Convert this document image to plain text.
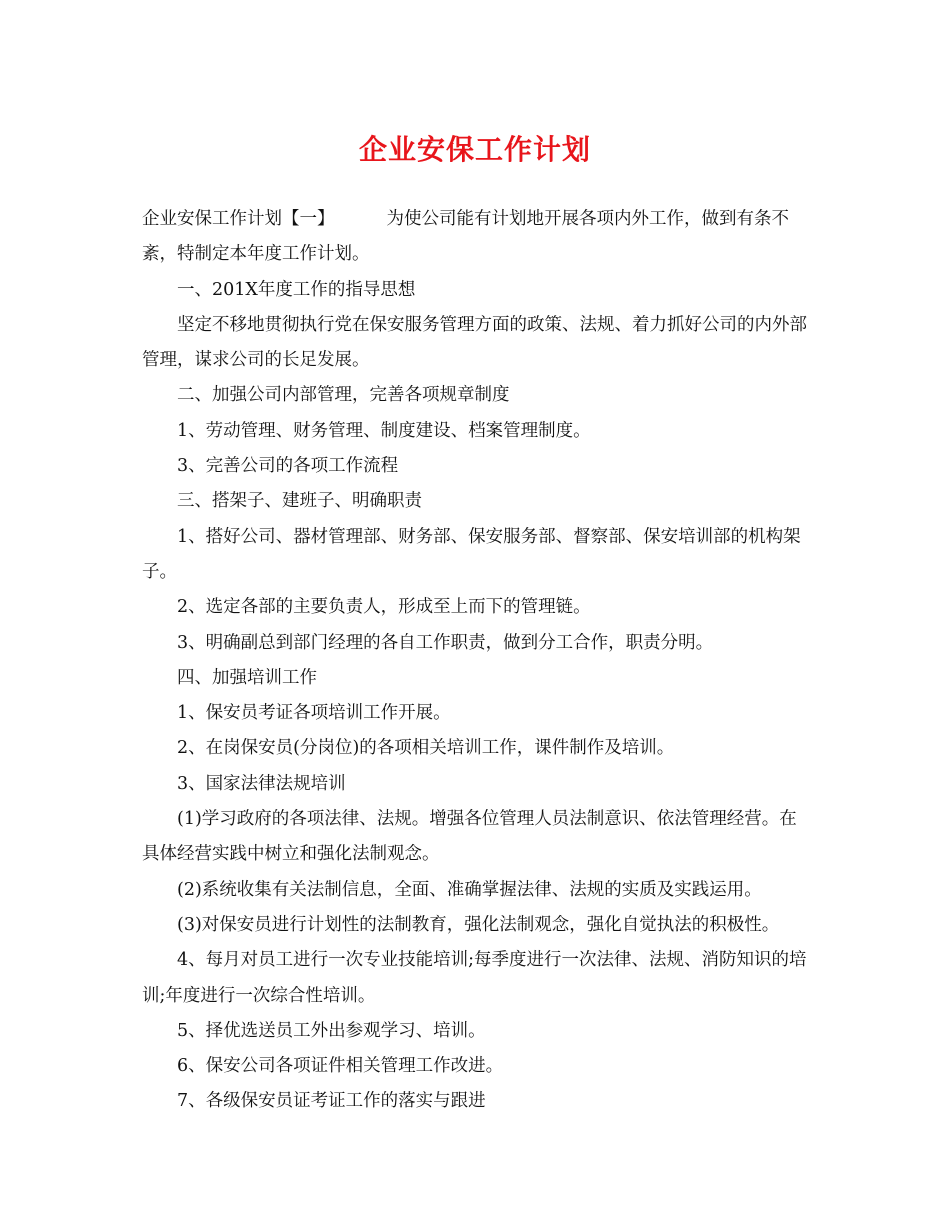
企业安保工作计划

企业安保工作计划【一】	为使公司能有计划地开展各项内外工作，做到有条不紊，特制定本年度工作计划。

一、201X年度工作的指导思想

坚定不移地贯彻执行党在保安服务管理方面的政策、法规、着力抓好公司的内外部管理，谋求公司的长足发展。

二、加强公司内部管理，完善各项规章制度

1、劳动管理、财务管理、制度建设、档案管理制度。

3、完善公司的各项工作流程

三、搭架子、建班子、明确职责

1、搭好公司、器材管理部、财务部、保安服务部、督察部、保安培训部的机构架子。

2、选定各部的主要负责人，形成至上而下的管理链。

3、明确副总到部门经理的各自工作职责，做到分工合作，职责分明。

四、加强培训工作

1、保安员考证各项培训工作开展。

2、在岗保安员(分岗位)的各项相关培训工作，课件制作及培训。

3、国家法律法规培训

(1)学习政府的各项法律、法规。增强各位管理人员法制意识、依法管理经营。在具体经营实践中树立和强化法制观念。

(2)系统收集有关法制信息，全面、准确掌握法律、法规的实质及实践运用。

(3)对保安员进行计划性的法制教育，强化法制观念，强化自觉执法的积极性。

4、每月对员工进行一次专业技能培训;每季度进行一次法律、法规、消防知识的培训;年度进行一次综合性培训。

5、择优选送员工外出参观学习、培训。

6、保安公司各项证件相关管理工作改进。

7、各级保安员证考证工作的落实与跟进
